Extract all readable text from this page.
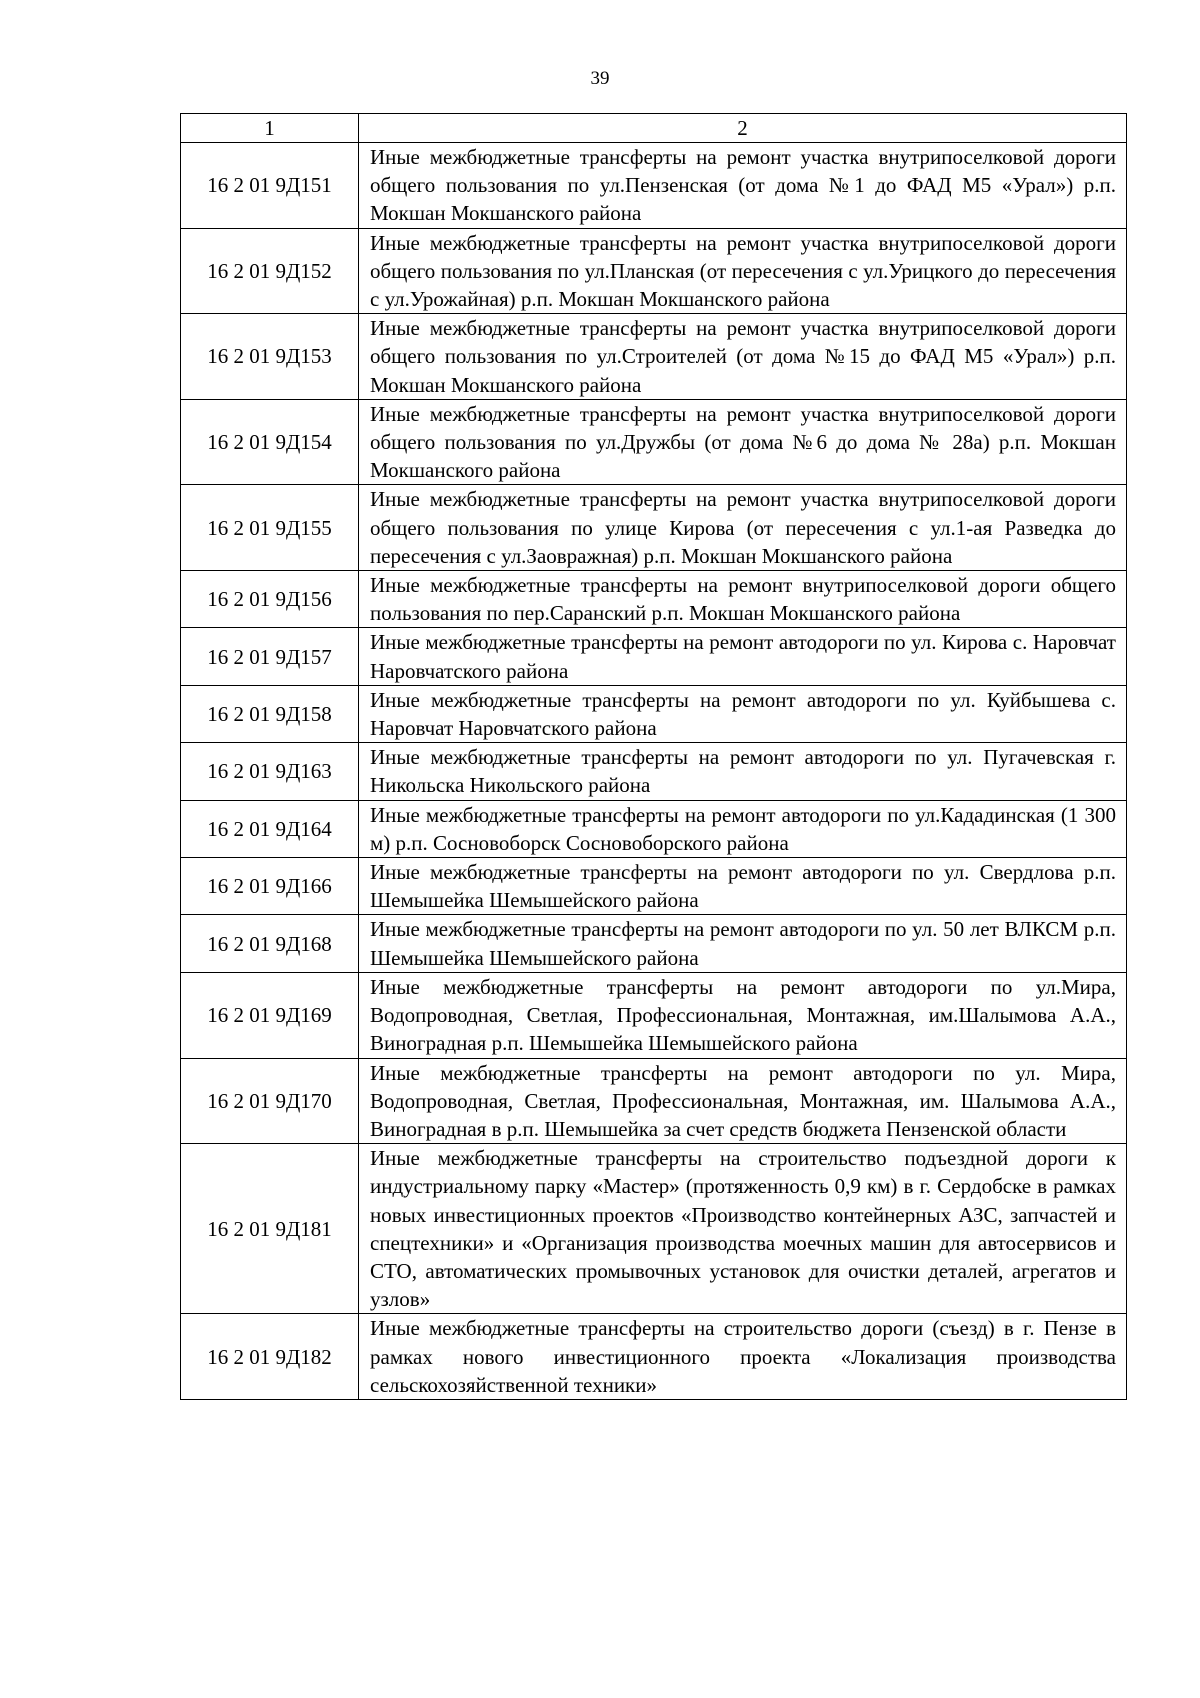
39
1	2
16 2 01 9Д151	Иные межбюджетные трансферты на ремонт участка внутрипоселковой дороги общего пользования по ул.Пензенская (от дома №1 до ФАД М5 «Урал») р.п. Мокшан Мокшанского района
16 2 01 9Д152	Иные межбюджетные трансферты на ремонт участка внутрипоселковой дороги общего пользования по ул.Планская (от пересечения с ул.Урицкого до пересечения с ул.Урожайная) р.п. Мокшан Мокшанского района
16 2 01 9Д153	Иные межбюджетные трансферты на ремонт участка внутрипоселковой дороги общего пользования по ул.Строителей (от дома №15 до ФАД М5 «Урал») р.п. Мокшан Мокшанского района
16 2 01 9Д154	Иные межбюджетные трансферты на ремонт участка внутрипоселковой дороги общего пользования по ул.Дружбы (от дома №6 до дома № 28а) р.п. Мокшан Мокшанского района
16 2 01 9Д155	Иные межбюджетные трансферты на ремонт участка внутрипоселковой дороги общего пользования по улице Кирова (от пересечения с ул.1-ая Разведка до пересечения с ул.Заовражная) р.п. Мокшан Мокшанского района
16 2 01 9Д156	Иные межбюджетные трансферты на ремонт внутрипоселковой дороги общего пользования по пер.Саранский р.п. Мокшан Мокшанского района
16 2 01 9Д157	Иные межбюджетные трансферты на ремонт автодороги по ул. Кирова с. Наровчат Наровчатского района
16 2 01 9Д158	Иные межбюджетные трансферты на ремонт автодороги по ул. Куйбышева с. Наровчат Наровчатского района
16 2 01 9Д163	Иные межбюджетные трансферты на ремонт автодороги по ул. Пугачевская г. Никольска Никольского района
16 2 01 9Д164	Иные межбюджетные трансферты на ремонт автодороги по ул.Кададинская (1 300 м) р.п. Сосновоборск Сосновоборского района
16 2 01 9Д166	Иные межбюджетные трансферты на ремонт автодороги по ул. Свердлова р.п. Шемышейка Шемышейского района
16 2 01 9Д168	Иные межбюджетные трансферты на ремонт автодороги по ул. 50 лет ВЛКСМ р.п. Шемышейка Шемышейского района
16 2 01 9Д169	Иные межбюджетные трансферты на ремонт автодороги по ул.Мира, Водопроводная, Светлая, Профессиональная, Монтажная, им.Шалымова А.А., Виноградная р.п. Шемышейка Шемышейского района
16 2 01 9Д170	Иные межбюджетные трансферты на ремонт автодороги по ул. Мира, Водопроводная, Светлая, Профессиональная, Монтажная, им. Шалымова А.А., Виноградная в р.п. Шемышейка за счет средств бюджета Пензенской области
16 2 01 9Д181	Иные межбюджетные трансферты на строительство подъездной дороги к индустриальному парку «Мастер» (протяженность 0,9 км) в г. Сердобске в рамках новых инвестиционных проектов «Производство контейнерных АЗС, запчастей и спецтехники» и «Организация производства моечных машин для автосервисов и СТО, автоматических промывочных установок для очистки деталей, агрегатов и узлов»
16 2 01 9Д182	Иные межбюджетные трансферты на строительство дороги (съезд) в г. Пензе в рамках нового инвестиционного проекта «Локализация производства сельскохозяйственной техники»
